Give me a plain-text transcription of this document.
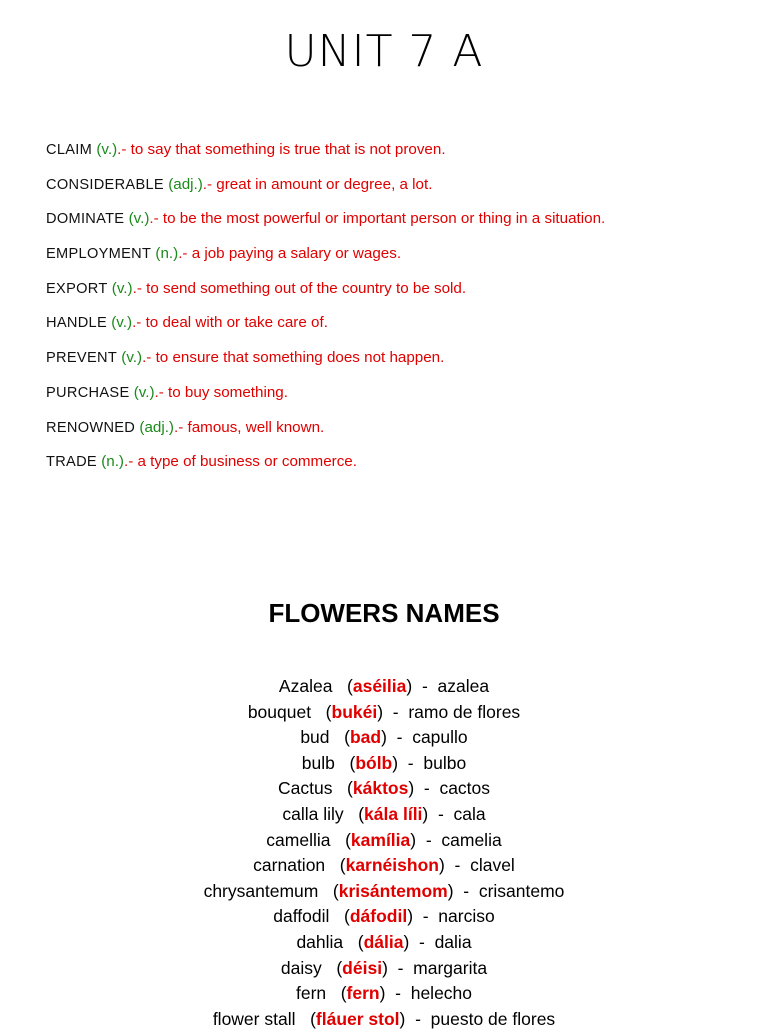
UNIT 7 A
CLAIM (v.).- to say that something is true that is not proven.
CONSIDERABLE (adj.).- great in amount or degree, a lot.
DOMINATE (v.).- to be the most powerful or important person or thing in a situation.
EMPLOYMENT (n.).- a job paying a salary or wages.
EXPORT (v.).- to send something out of the country to be sold.
HANDLE (v.).- to deal with or take care of.
PREVENT (v.).- to ensure that something does not happen.
PURCHASE (v.).- to buy something.
RENOWNED (adj.).- famous, well known.
TRADE (n.).- a type of business or commerce.
FLOWERS NAMES
Azalea   (aséilia)  -  azalea
bouquet   (bukéi)  -  ramo de flores
bud   (bad)  -  capullo
bulb   (bólb)  -  bulbo
Cactus   (káktos)  -  cactos
calla lily   (kála líli)  -  cala
camellia   (kamília)  -  camelia
carnation   (karnéishon)  -  clavel
chrysantemum   (krisántemom)  -  crisantemo
daffodil   (dáfodil)  -  narciso
dahlia   (dália)  -  dalia
daisy   (déisi)  -  margarita
fern   (fern)  -  helecho
flower stall   (fláuer stol)  -  puesto de flores
